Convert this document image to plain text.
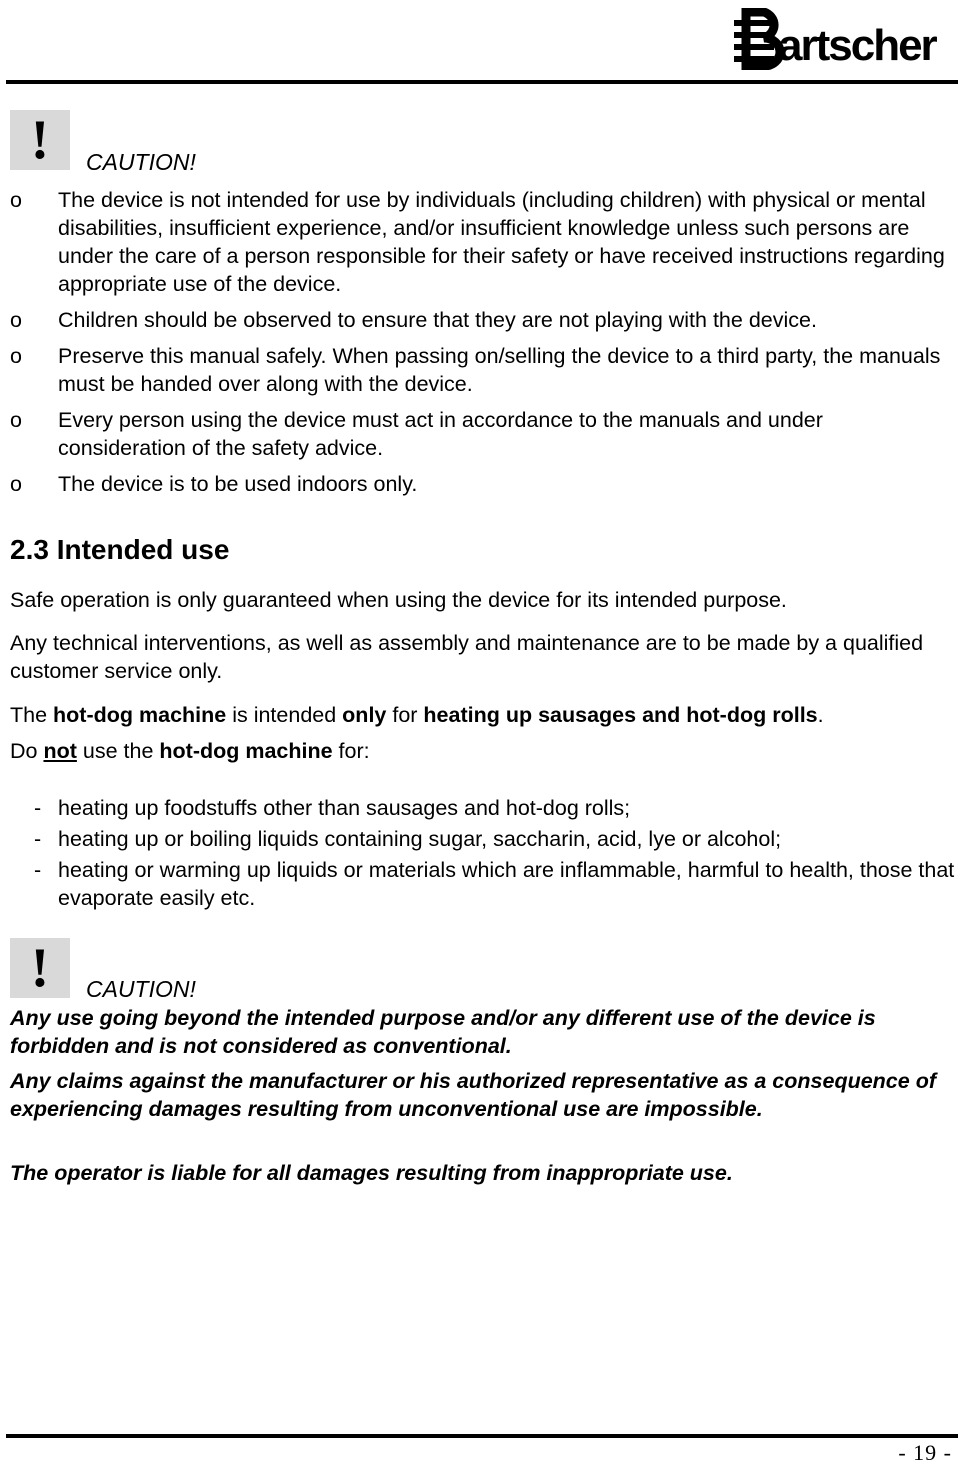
artscher
!	CAUTION!
o The device is not intended for use by individuals (including children) with physical or mental disabilities, insufficient experience, and/or insufficient knowledge unless such persons are under the care of a person responsible for their safety or have received instructions regarding appropriate use of the device.
o Children should be observed to ensure that they are not playing with the device.
o Preserve this manual safely. When passing on/selling the device to a third party, the manuals must be handed over along with the device.
o Every person using the device must act in accordance to the manuals and under consideration of the safety advice.
o The device is to be used indoors only.
2.3 Intended use

Safe operation is only guaranteed when using the device for its intended purpose.

Any technical interventions, as well as assembly and maintenance are to be made by a qualified customer service only.

The hot-dog machine is intended only for heating up sausages and hot-dog rolls.

Do not use the hot-dog machine for:

- heating up foodstuffs other than sausages and hot-dog rolls;
- heating up or boiling liquids containing sugar, saccharin, acid, lye or alcohol;
- heating or warming up liquids or materials which are inflammable, harmful to health, those that evaporate easily etc.
!	CAUTION!

Any use going beyond the intended purpose and/or any different use of the device is forbidden and is not considered as conventional.

Any claims against the manufacturer or his authorized representative as a consequence of experiencing damages resulting from unconventional use are impossible.

The operator is liable for all damages resulting from inappropriate use.

- 19 -
